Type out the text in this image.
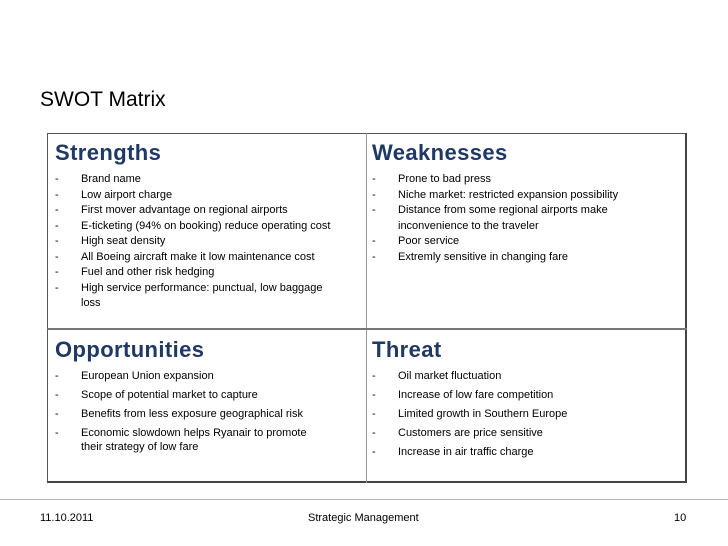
SWOT Matrix
Strengths
- Brand name
- Low airport charge
- First mover advantage on regional airports
- E-ticketing (94% on booking) reduce operating cost
- High seat density
- All Boeing aircraft make it low maintenance cost
- Fuel and other risk hedging
- High service performance: punctual, low baggage loss
Weaknesses
- Prone to bad press
- Niche market: restricted expansion possibility
- Distance from some regional airports make inconvenience to the traveler
- Poor service
- Extremly sensitive in changing fare
Opportunities
- European Union expansion
- Scope of potential market to capture
- Benefits from less exposure geographical risk
- Economic slowdown helps Ryanair to promote their strategy of low fare
Threat
- Oil market fluctuation
- Increase of low fare competition
- Limited growth in Southern Europe
- Customers are price sensitive
- Increase in air traffic charge
11.10.2011	Strategic Management	10
